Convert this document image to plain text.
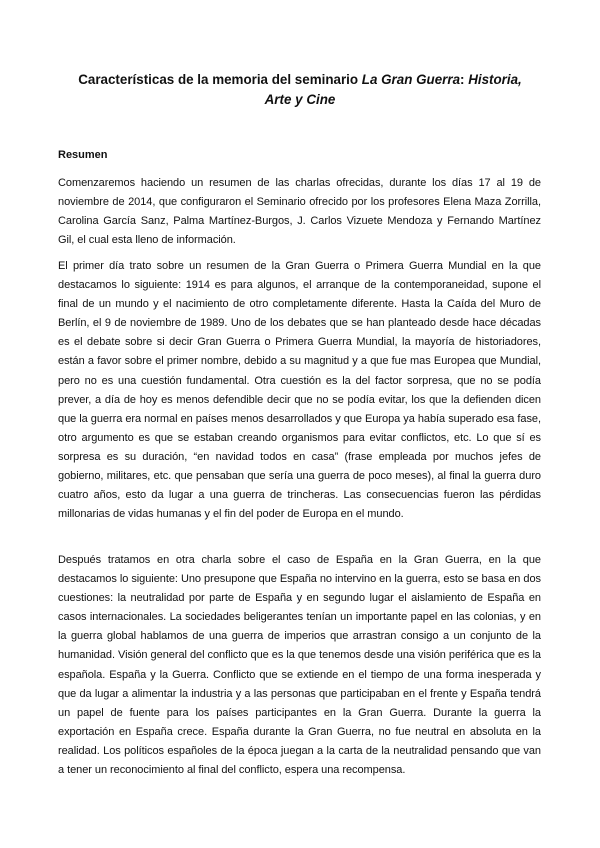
Características de la memoria del seminario La Gran Guerra: Historia,
Arte y Cine
Resumen

Comenzaremos haciendo un resumen de las charlas ofrecidas, durante los días 17 al 19 de noviembre de 2014, que configuraron el Seminario ofrecido por los profesores Elena Maza Zorrilla, Carolina García Sanz, Palma Martínez-Burgos, J. Carlos Vizuete Mendoza y Fernando Martínez Gil, el cual esta lleno de información.

El primer día trato sobre un resumen de la Gran Guerra o Primera Guerra Mundial en la que destacamos lo siguiente: 1914 es para algunos, el arranque de la contemporaneidad, supone el final de un mundo y el nacimiento de otro completamente diferente. Hasta la Caída del Muro de Berlín, el 9 de noviembre de 1989. Uno de los debates que se han planteado desde hace décadas es el debate sobre si decir Gran Guerra o Primera Guerra Mundial, la mayoría de historiadores, están a favor sobre el primer nombre, debido a su magnitud y a que fue mas Europea que Mundial, pero no es una cuestión fundamental. Otra cuestión es la del factor sorpresa, que no se podía prever, a día de hoy es menos defendible decir que no se podía evitar, los que la defienden dicen que la guerra era normal en países menos desarrollados y que Europa ya había superado esa fase, otro argumento es que se estaban creando organismos para evitar conflictos, etc. Lo que sí es sorpresa es su duración, “en navidad todos en casa” (frase empleada por muchos jefes de gobierno, militares, etc. que pensaban que sería una guerra de poco meses), al final la guerra duro cuatro años, esto da lugar a una guerra de trincheras. Las consecuencias fueron las pérdidas millonarias de vidas humanas y el fin del poder de Europa en el mundo.

Después tratamos en otra charla sobre el caso de España en la Gran Guerra, en la que destacamos lo siguiente: Uno presupone que España no intervino en la guerra, esto se basa en dos cuestiones: la neutralidad por parte de España y en segundo lugar el aislamiento de España en casos internacionales. La sociedades beligerantes tenían un importante papel en las colonias, y en la guerra global hablamos de una guerra de imperios que arrastran consigo a un conjunto de la humanidad. Visión general del conflicto que es la que tenemos desde una visión periférica que es la española. España y la Guerra. Conflicto que se extiende en el tiempo de una forma inesperada y que da lugar a alimentar la industria y a las personas que participaban en el frente y España tendrá un papel de fuente para los países participantes en la Gran Guerra. Durante la guerra la exportación en España crece. España durante la Gran Guerra, no fue neutral en absoluta en la realidad. Los políticos españoles de la época juegan a la carta de la neutralidad pensando que van a tener un reconocimiento al final del conflicto, espera una recompensa.
